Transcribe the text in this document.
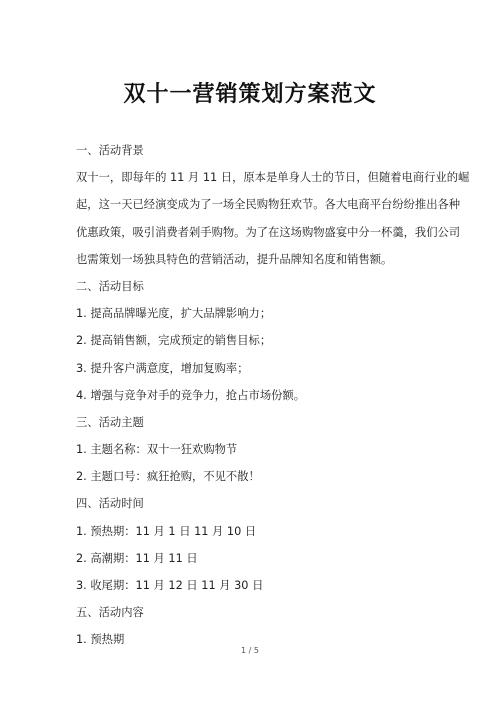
双十一营销策划方案范文
一、活动背景
双十一，即每年的 11 月 11 日，原本是单身人士的节日，但随着电商行业的崛
起，这一天已经演变成为了一场全民购物狂欢节。各大电商平台纷纷推出各种
优惠政策，吸引消费者剁手购物。为了在这场购物盛宴中分一杯羹，我们公司
也需策划一场独具特色的营销活动，提升品牌知名度和销售额。
二、活动目标
1. 提高品牌曝光度，扩大品牌影响力；
2. 提高销售额，完成预定的销售目标；
3. 提升客户满意度，增加复购率；
4. 增强与竞争对手的竞争力，抢占市场份额。
三、活动主题
1. 主题名称：双十一狂欢购物节
2. 主题口号：疯狂抢购，不见不散！
四、活动时间
1. 预热期：11 月 1 日 11 月 10 日
2. 高潮期：11 月 11 日
3. 收尾期：11 月 12 日 11 月 30 日
五、活动内容
1. 预热期
1 / 5
